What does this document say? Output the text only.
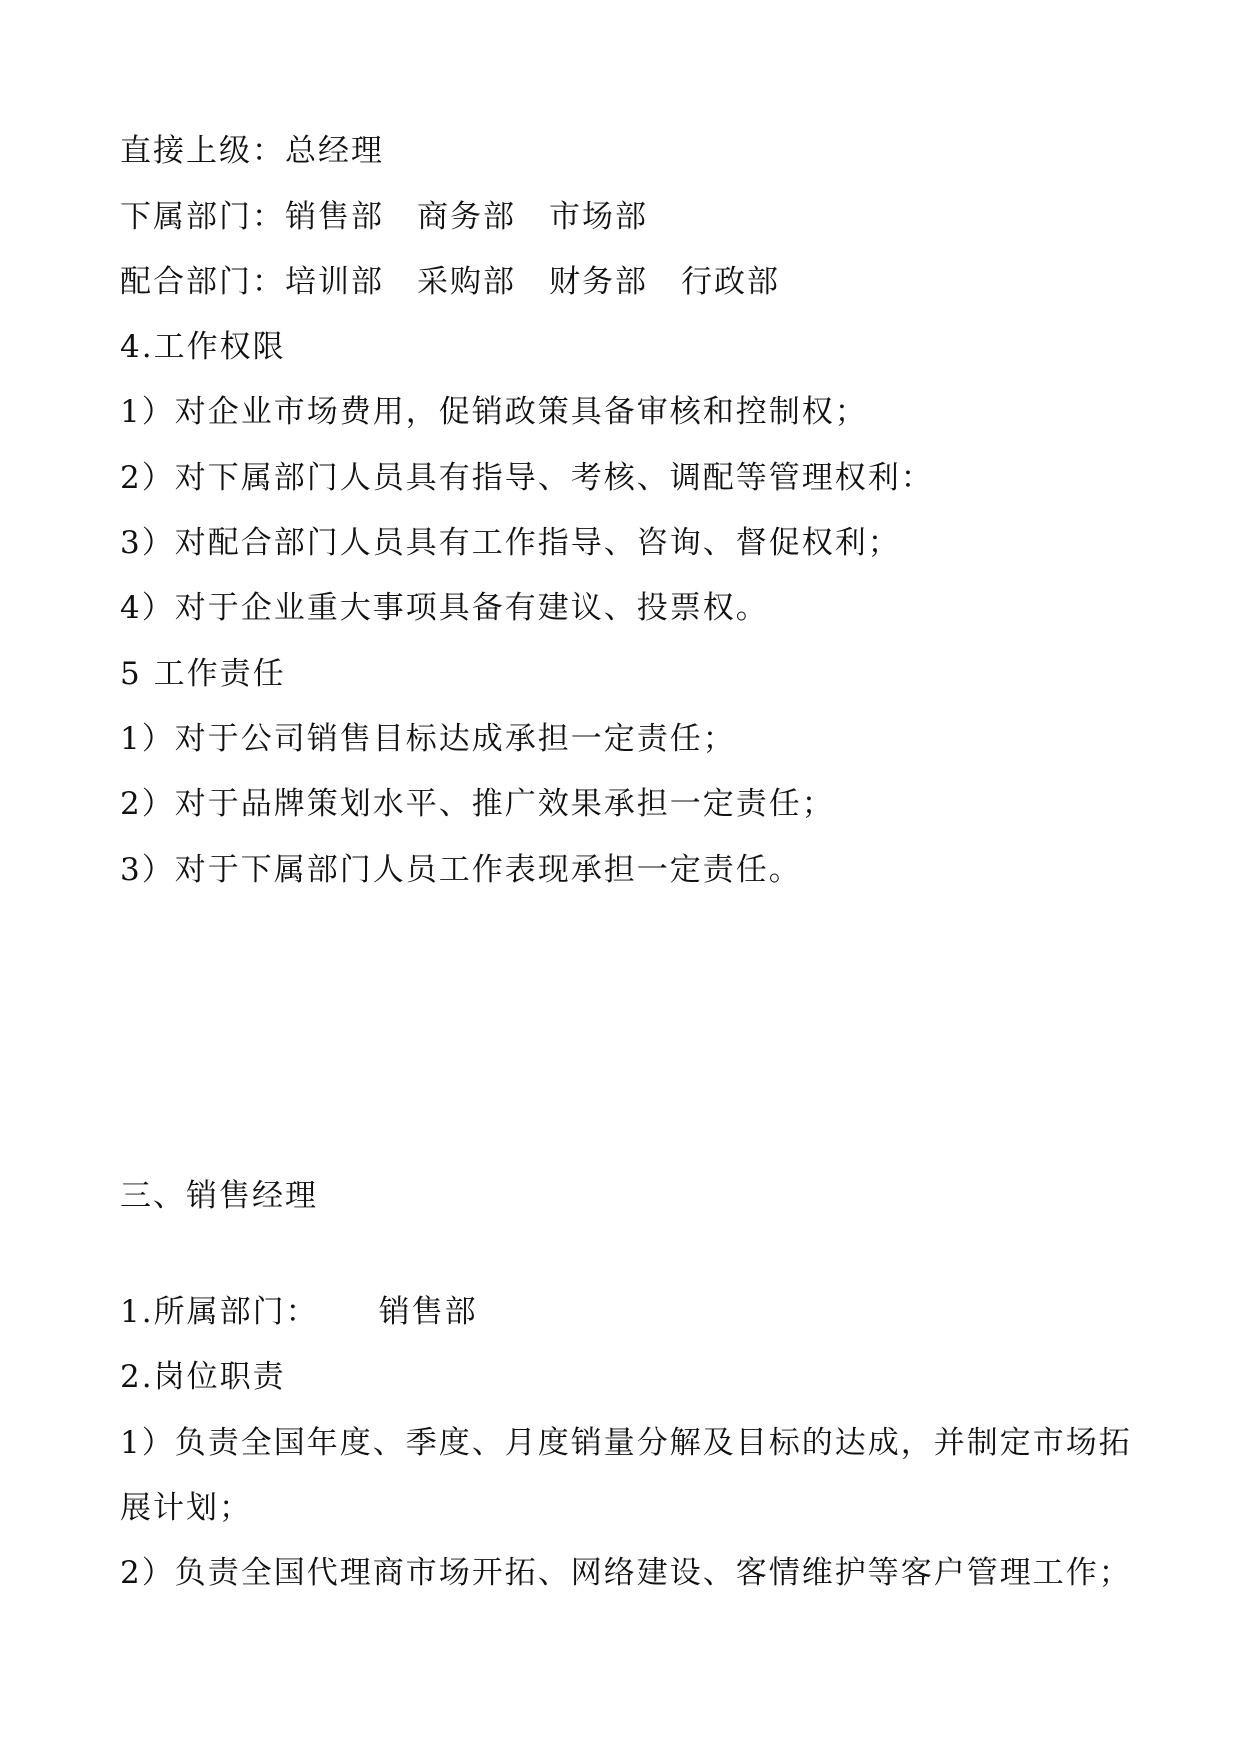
直接上级：总经理
下属部门：销售部　商务部　市场部
配合部门：培训部　采购部　财务部　行政部
4.工作权限
1）对企业市场费用，促销政策具备审核和控制权；
2）对下属部门人员具有指导、考核、调配等管理权利：
3）对配合部门人员具有工作指导、咨询、督促权利；
4）对于企业重大事项具备有建议、投票权。
5 工作责任
1）对于公司销售目标达成承担一定责任；
2）对于品牌策划水平、推广效果承担一定责任；
3）对于下属部门人员工作表现承担一定责任。
三、销售经理
1.所属部门： 销售部
2.岗位职责
1）负责全国年度、季度、月度销量分解及目标的达成，并制定市场拓
展计划；
2）负责全国代理商市场开拓、网络建设、客情维护等客户管理工作；
